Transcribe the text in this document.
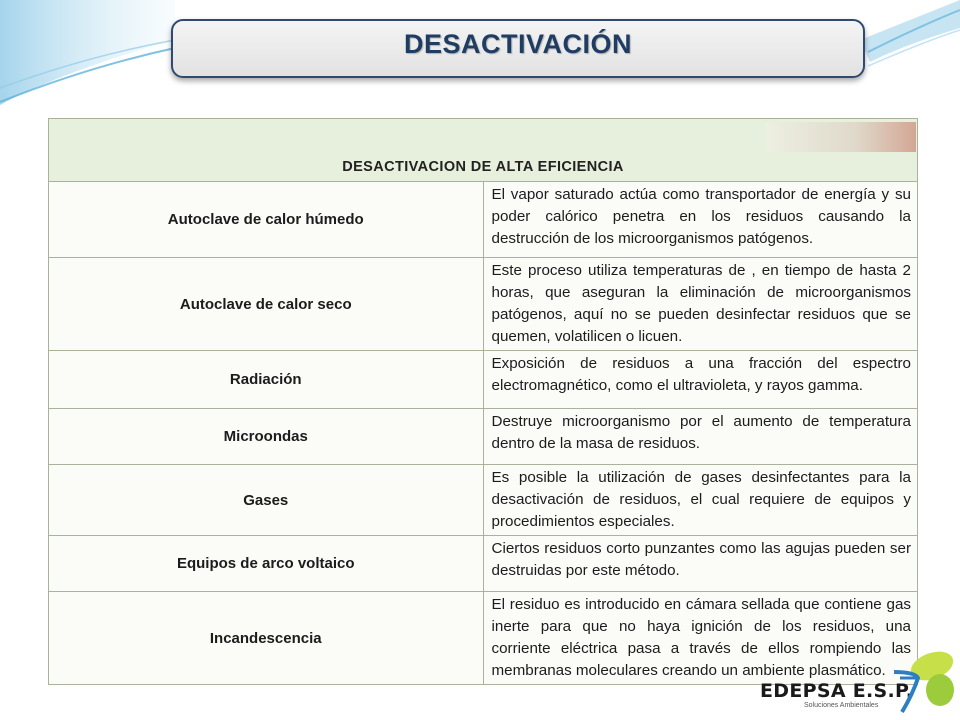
DESACTIVACIÓN
DESACTIVACION DE ALTA EFICIENCIA	
Autoclave de calor húmedo	El vapor saturado actúa como transportador de energía y su poder calórico penetra en los residuos causando la destrucción de los microorganismos patógenos.
Autoclave de calor seco	Este proceso utiliza temperaturas de , en tiempo de hasta 2 horas, que aseguran la eliminación de microorganismos patógenos, aquí no se pueden desinfectar residuos que se quemen, volatilicen o licuen.
Radiación	Exposición de residuos a una fracción del espectro electromagnético, como el ultravioleta, y rayos gamma.
Microondas	Destruye microorganismo por el aumento de temperatura dentro de la masa de residuos.
Gases	Es posible la utilización de gases desinfectantes para la desactivación de residuos, el cual requiere de equipos y procedimientos especiales.
Equipos de arco voltaico	Ciertos residuos corto punzantes como las agujas pueden ser destruidas por este método.
Incandescencia	El residuo es introducido en cámara sellada que contiene gas inerte para que no haya ignición de los residuos, una corriente eléctrica pasa a través de ellos rompiendo las membranas moleculares creando un ambiente plasmático.
EDEPSA E.S.P.
Soluciones Ambientales
